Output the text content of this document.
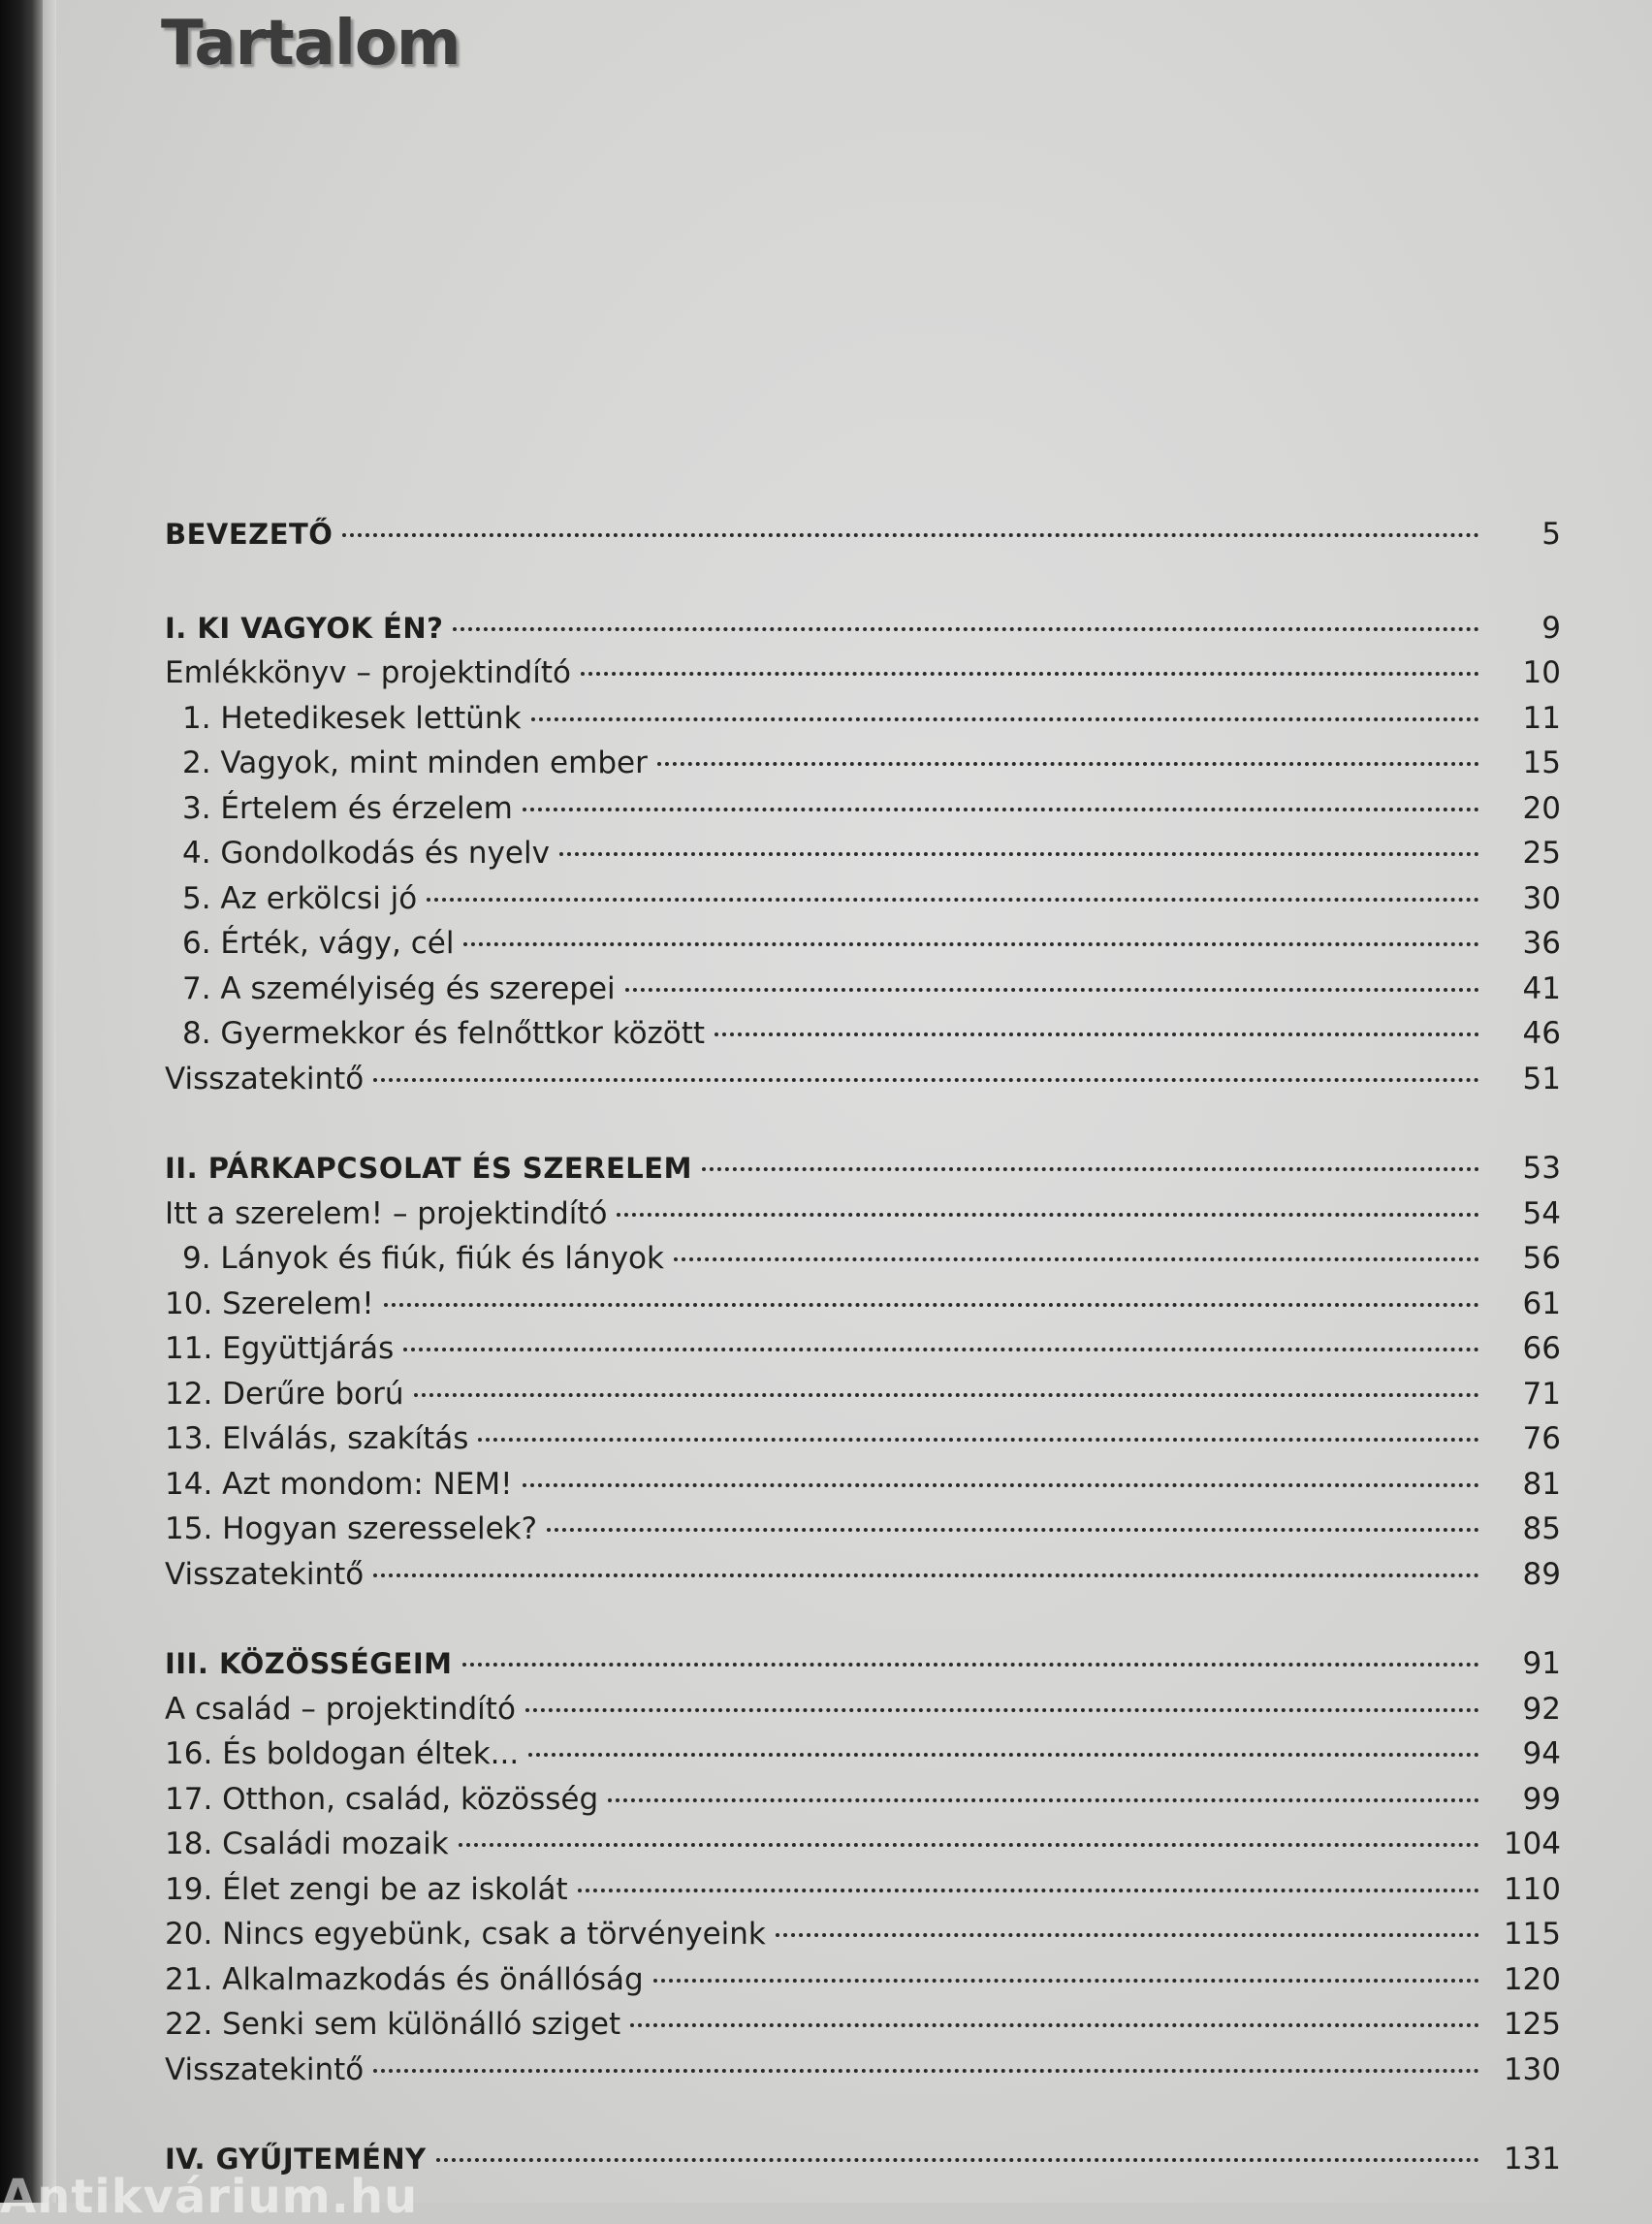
Tartalom
BEVEZETŐ	5
I. KI VAGYOK ÉN?	9
Emlékkönyv – projektindító	10
1. Hetedikesek lettünk	11
2. Vagyok, mint minden ember	15
3. Értelem és érzelem	20
4. Gondolkodás és nyelv	25
5. Az erkölcsi jó	30
6. Érték, vágy, cél	36
7. A személyiség és szerepei	41
8. Gyermekkor és felnőttkor között	46
Visszatekintő	51
II. PÁRKAPCSOLAT ÉS SZERELEM	53
Itt a szerelem! – projektindító	54
9. Lányok és fiúk, fiúk és lányok	56
10. Szerelem!	61
11. Együttjárás	66
12. Derűre ború	71
13. Elválás, szakítás	76
14. Azt mondom: NEM!	81
15. Hogyan szeresselek?	85
Visszatekintő	89
III. KÖZÖSSÉGEIM	91
A család – projektindító	92
16. És boldogan éltek...	94
17. Otthon, család, közösség	99
18. Családi mozaik	104
19. Élet zengi be az iskolát	110
20. Nincs egyebünk, csak a törvényeink	115
21. Alkalmazkodás és önállóság	120
22. Senki sem különálló sziget	125
Visszatekintő	130
IV. GYŰJTEMÉNY	131
Antikvárium.hu
